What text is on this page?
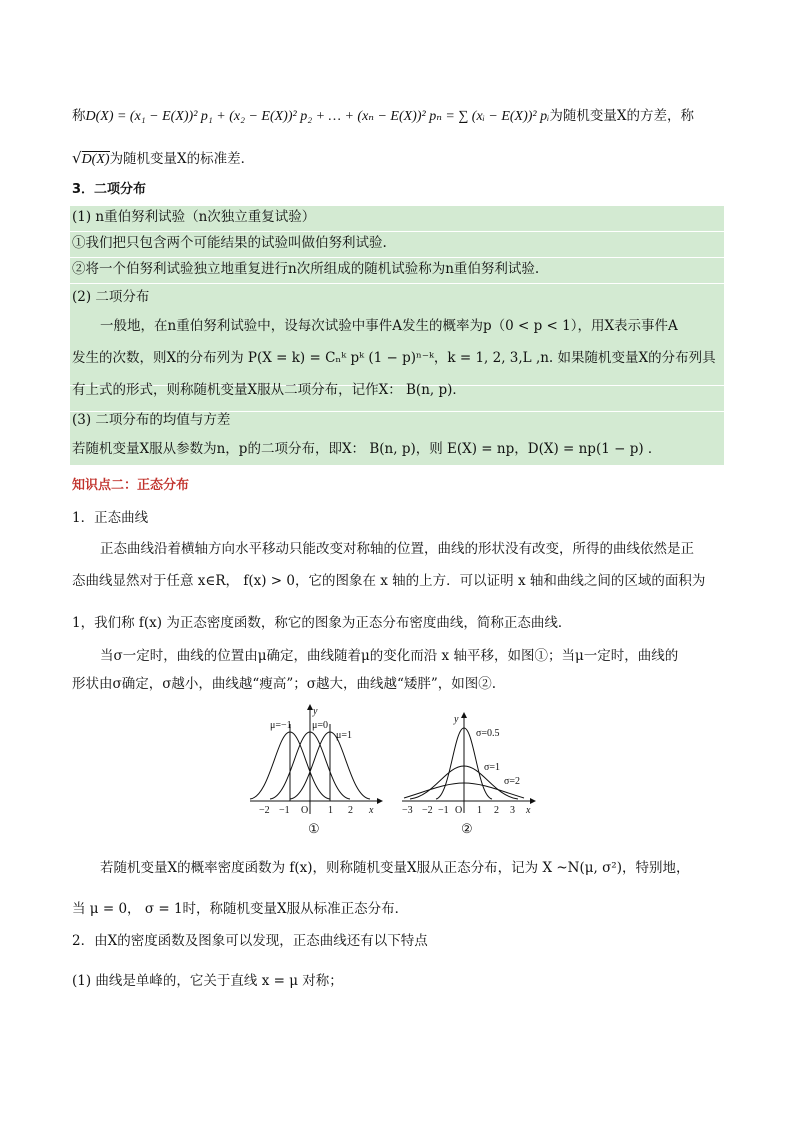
称D(X) = (x₁ − E(X))² p₁ + (x₂ − E(X))² p₂ + … + (xₙ − E(X))² pₙ = ∑ (xᵢ − E(X))² pᵢ为随机变量X的方差，称
√D(X)为随机变量X的标准差．
3．二项分布
(1) n重伯努利试验（n次独立重复试验）
①我们把只包含两个可能结果的试验叫做伯努利试验.
②将一个伯努利试验独立地重复进行n次所组成的随机试验称为n重伯努利试验.
(2) 二项分布
一般地，在n重伯努利试验中，设每次试验中事件A发生的概率为p（0 < p < 1），用X表示事件A
发生的次数，则X的分布列为 P(X = k) = Cₙᵏ pᵏ (1 − p)ⁿ⁻ᵏ，k = 1, 2, 3,L ,n. 如果随机变量X的分布列具
有上式的形式，则称随机变量X服从二项分布，记作X： B(n, p)．
(3) 二项分布的均值与方差
若随机变量X服从参数为n，p的二项分布，即X： B(n, p)，则 E(X) = np，D(X) = np(1 − p) ．
知识点二：正态分布
1．正态曲线
正态曲线沿着横轴方向水平移动只能改变对称轴的位置，曲线的形状没有改变，所得的曲线依然是正
态曲线显然对于任意 x∈R， f(x) > 0，它的图象在 x 轴的上方．可以证明 x 轴和曲线之间的区域的面积为
1，我们称 f(x) 为正态密度函数，称它的图象为正态分布密度曲线，简称正态曲线．
当σ一定时，曲线的位置由μ确定，曲线随着μ的变化而沿 x 轴平移，如图①；当μ一定时，曲线的
形状由σ确定，σ越小，曲线越“瘦高”；σ越大，曲线越“矮胖”，如图②.
μ=−1 μ=0
μ=1
−2 −1 O 1 2 x
y
①
σ=0.5
σ=1
σ=2
−3 −2 −1 O 1 2 3 x
y
②
若随机变量X的概率密度函数为 f(x)，则称随机变量X服从正态分布，记为 X ~N(μ, σ²)，特别地，
当 μ = 0， σ = 1时，称随机变量X服从标准正态分布．
2．由X的密度函数及图象可以发现，正态曲线还有以下特点
(1) 曲线是单峰的，它关于直线 x = μ 对称；
